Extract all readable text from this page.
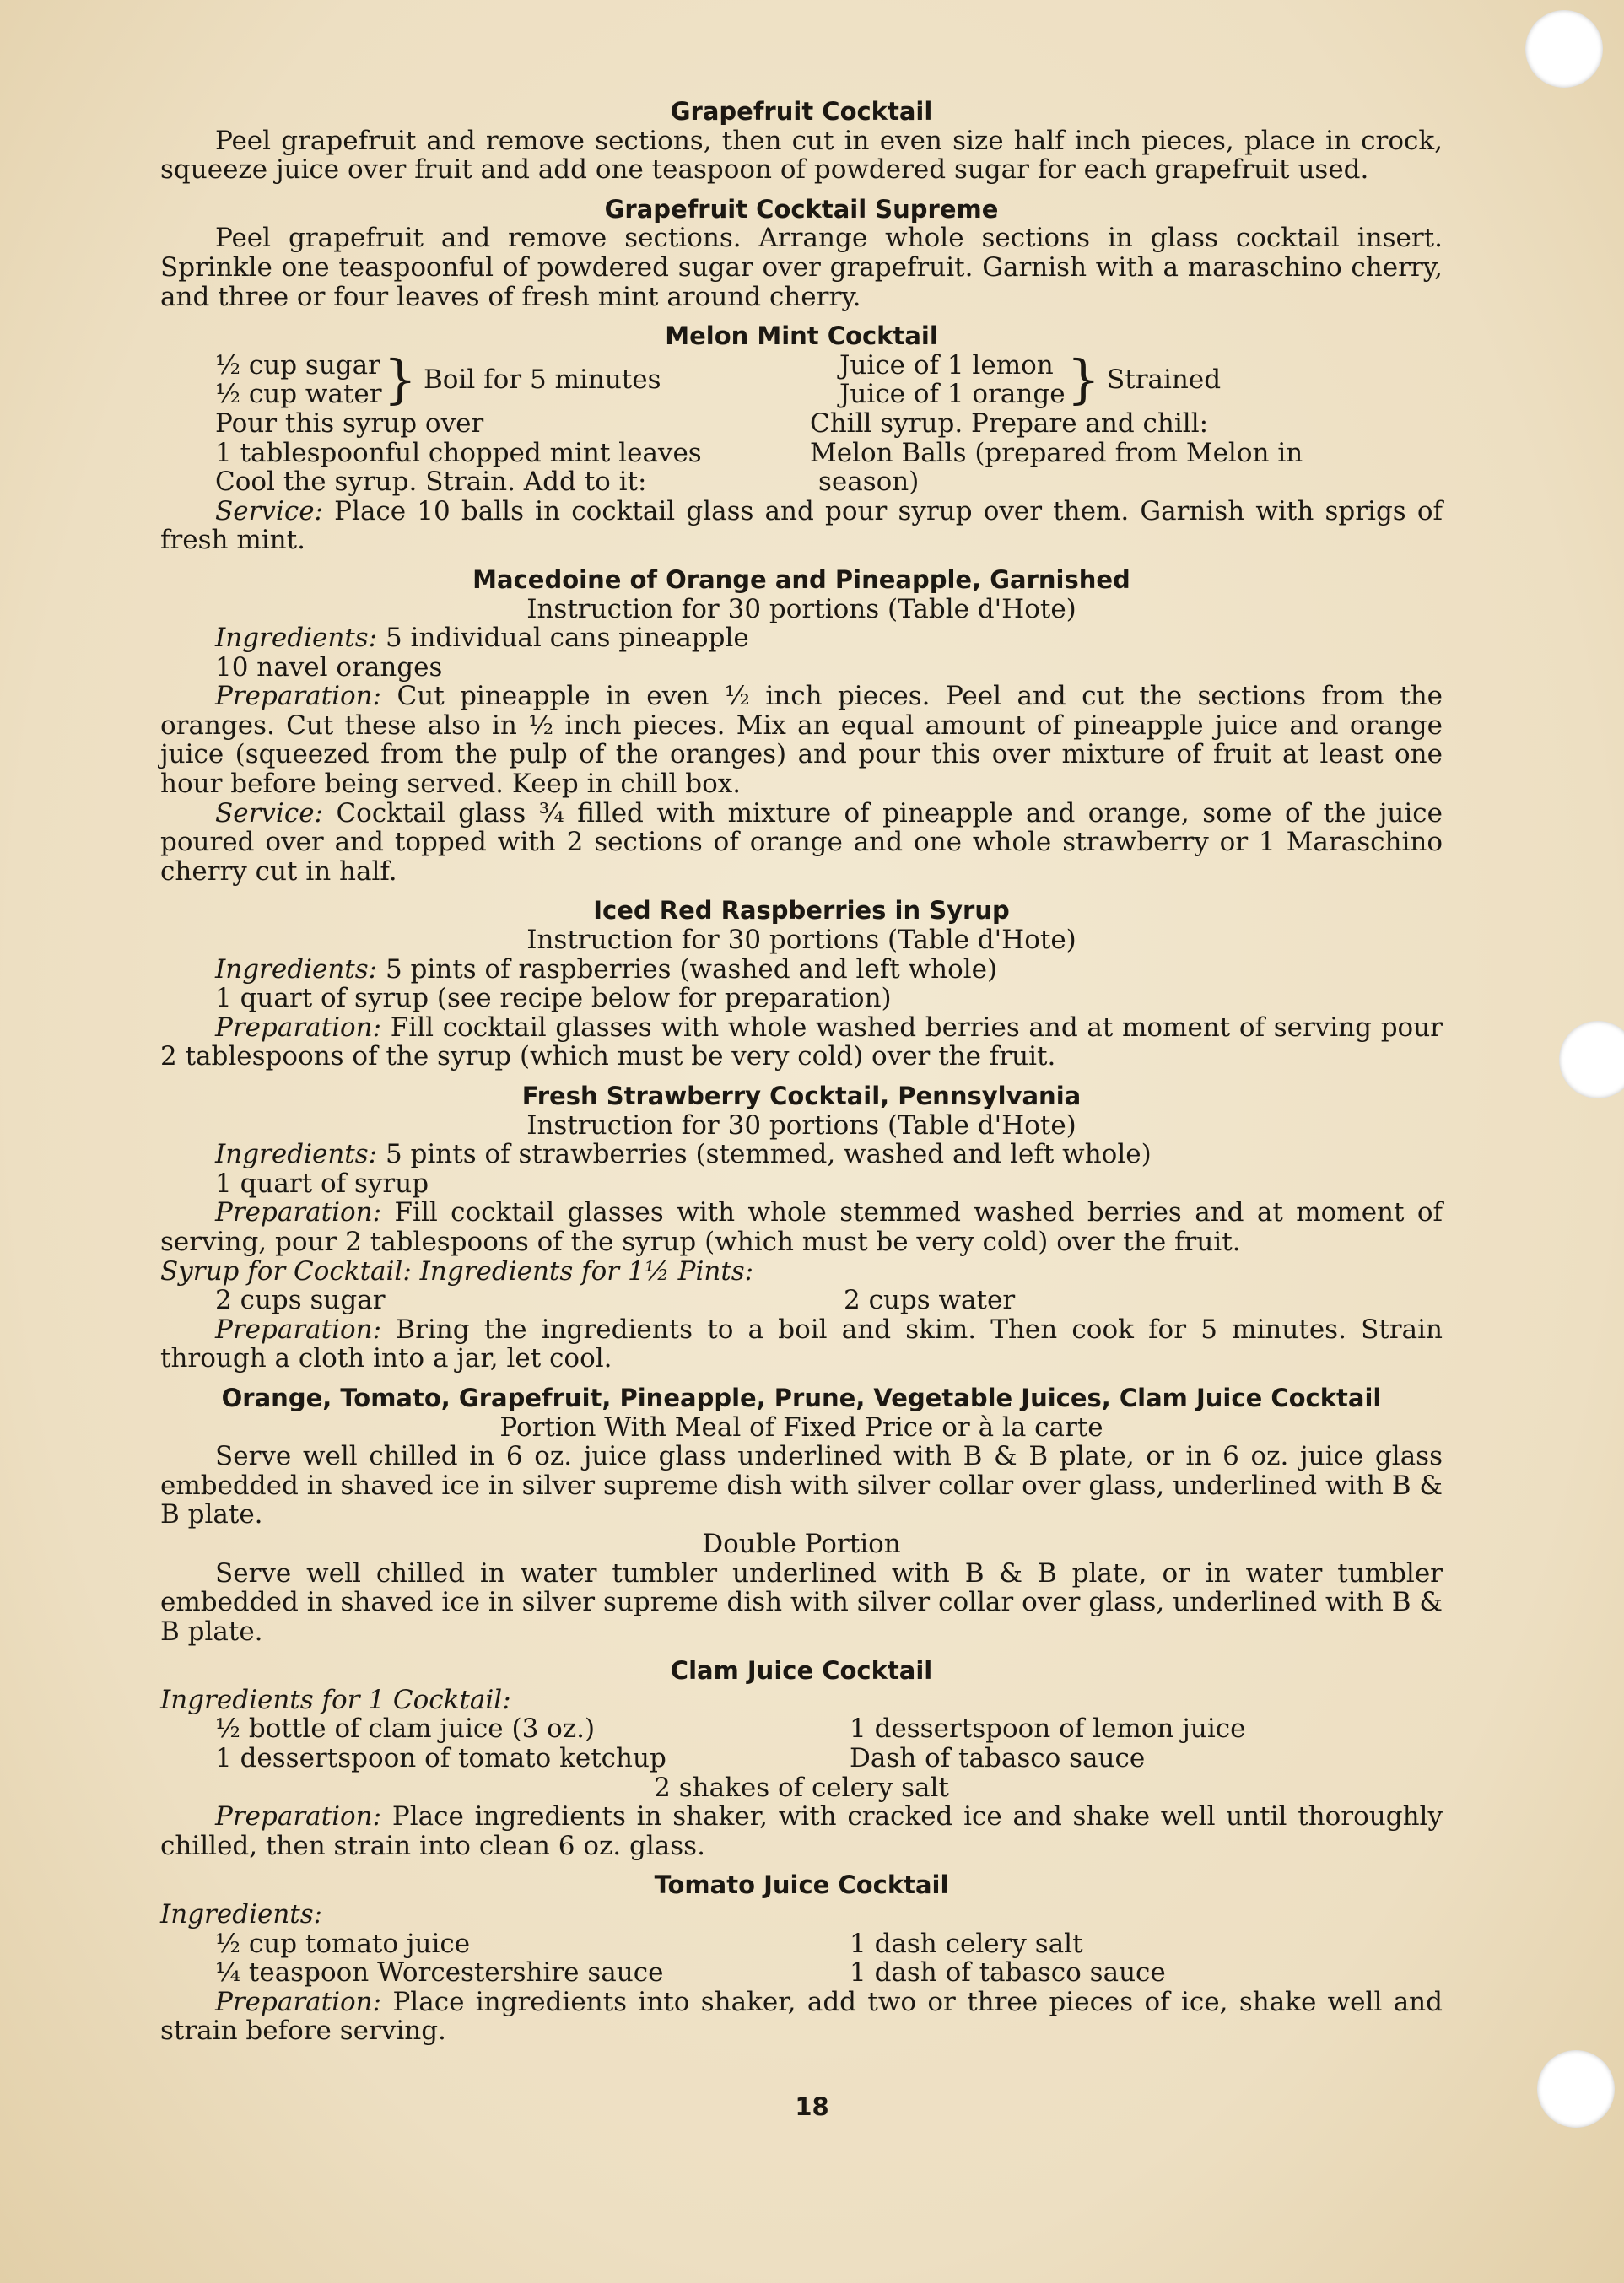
Grapefruit Cocktail

Peel grapefruit and remove sections, then cut in even size half inch pieces, place in crock, squeeze juice over fruit and add one teaspoon of powdered sugar for each grapefruit used.

Grapefruit Cocktail Supreme

Peel grapefruit and remove sections. Arrange whole sections in glass cocktail insert. Sprinkle one teaspoonful of powdered sugar over grapefruit. Garnish with a maraschino cherry, and three or four leaves of fresh mint around cherry.

Melon Mint Cocktail
½ cup sugar
½ cup water } Boil for 5 minutes	Juice of 1 lemon
Juice of 1 orange } Strained
Pour this syrup over	Chill syrup. Prepare and chill:
1 tablespoonful chopped mint leaves	Melon Balls (prepared from Melon in
Cool the syrup. Strain. Add to it:	season)

Service: Place 10 balls in cocktail glass and pour syrup over them. Garnish with sprigs of fresh mint.

Macedoine of Orange and Pineapple, Garnished

Instruction for 30 portions (Table d'Hote)

Ingredients: 5 individual cans pineapple

10 navel oranges

Preparation: Cut pineapple in even ½ inch pieces. Peel and cut the sections from the oranges. Cut these also in ½ inch pieces. Mix an equal amount of pineapple juice and orange juice (squeezed from the pulp of the oranges) and pour this over mixture of fruit at least one hour before being served. Keep in chill box.

Service: Cocktail glass ¾ filled with mixture of pineapple and orange, some of the juice poured over and topped with 2 sections of orange and one whole strawberry or 1 Maraschino cherry cut in half.

Iced Red Raspberries in Syrup

Instruction for 30 portions (Table d'Hote)

Ingredients: 5 pints of raspberries (washed and left whole)

1 quart of syrup (see recipe below for preparation)

Preparation: Fill cocktail glasses with whole washed berries and at moment of serving pour 2 tablespoons of the syrup (which must be very cold) over the fruit.

Fresh Strawberry Cocktail, Pennsylvania

Instruction for 30 portions (Table d'Hote)

Ingredients: 5 pints of strawberries (stemmed, washed and left whole)

1 quart of syrup

Preparation: Fill cocktail glasses with whole stemmed washed berries and at moment of serving, pour 2 tablespoons of the syrup (which must be very cold) over the fruit.

Syrup for Cocktail: Ingredients for 1½ Pints:

2 cups sugar	2 cups water

Preparation: Bring the ingredients to a boil and skim. Then cook for 5 minutes. Strain through a cloth into a jar, let cool.

Orange, Tomato, Grapefruit, Pineapple, Prune, Vegetable Juices, Clam Juice Cocktail

Portion With Meal of Fixed Price or à la carte

Serve well chilled in 6 oz. juice glass underlined with B & B plate, or in 6 oz. juice glass embedded in shaved ice in silver supreme dish with silver collar over glass, underlined with B & B plate.

Double Portion

Serve well chilled in water tumbler underlined with B & B plate, or in water tumbler embedded in shaved ice in silver supreme dish with silver collar over glass, underlined with B & B plate.

Clam Juice Cocktail

Ingredients for 1 Cocktail:

½ bottle of clam juice (3 oz.)	1 dessertspoon of lemon juice
1 dessertspoon of tomato ketchup	Dash of tabasco sauce

2 shakes of celery salt

Preparation: Place ingredients in shaker, with cracked ice and shake well until thoroughly chilled, then strain into clean 6 oz. glass.

Tomato Juice Cocktail

Ingredients:

½ cup tomato juice	1 dash celery salt
¼ teaspoon Worcestershire sauce	1 dash of tabasco sauce

Preparation: Place ingredients into shaker, add two or three pieces of ice, shake well and strain before serving.

18
